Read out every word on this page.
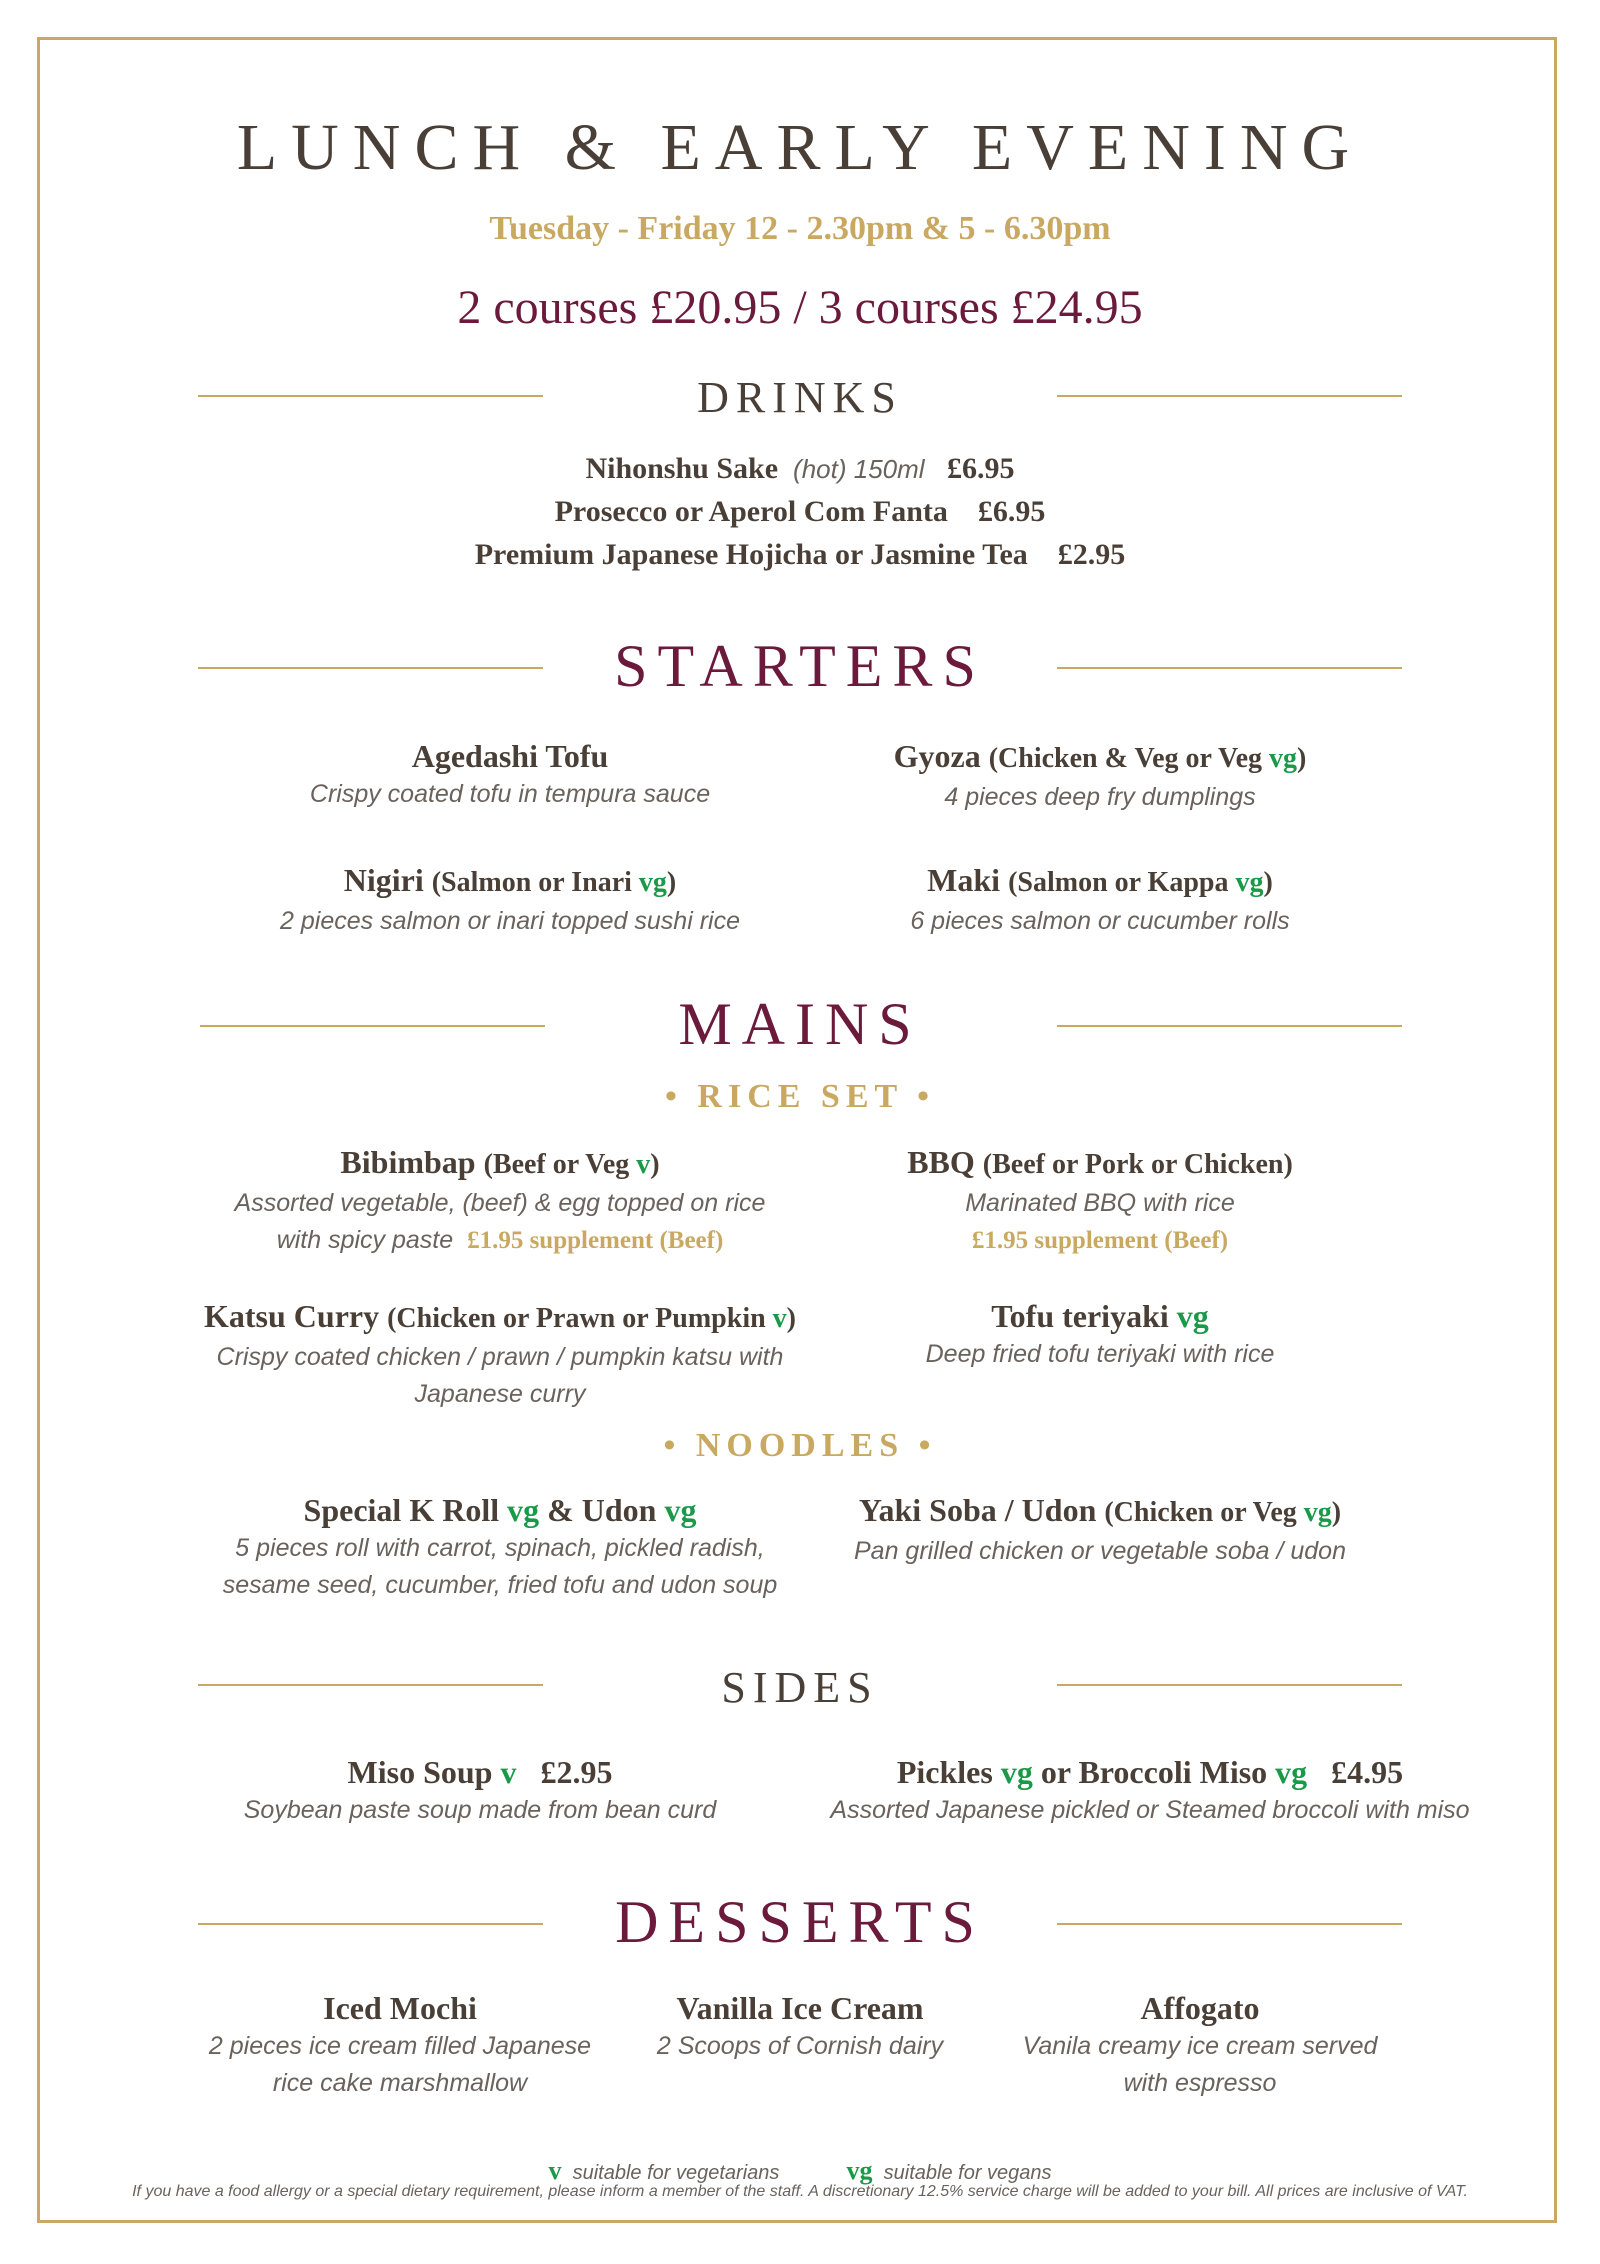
LUNCH & EARLY EVENING
Tuesday - Friday 12 - 2.30pm & 5 - 6.30pm
2 courses £20.95 / 3 courses £24.95
DRINKS
Nihonshu Sake (hot) 150ml £6.95
Prosecco or Aperol Com Fanta £6.95
Premium Japanese Hojicha or Jasmine Tea £2.95
STARTERS
Agedashi Tofu
Crispy coated tofu in tempura sauce
Gyoza (Chicken & Veg or Veg vg)
4 pieces deep fry dumplings
Nigiri (Salmon or Inari vg)
2 pieces salmon or inari topped sushi rice
Maki (Salmon or Kappa vg)
6 pieces salmon or cucumber rolls
MAINS
• RICE SET •
Bibimbap (Beef or Veg v)
Assorted vegetable, (beef) & egg topped on rice
with spicy paste £1.95 supplement (Beef)
BBQ (Beef or Pork or Chicken)
Marinated BBQ with rice
£1.95 supplement (Beef)
Katsu Curry (Chicken or Prawn or Pumpkin v)
Crispy coated chicken / prawn / pumpkin katsu with
Japanese curry
Tofu teriyaki vg
Deep fried tofu teriyaki with rice
• NOODLES •
Special K Roll vg & Udon vg
5 pieces roll with carrot, spinach, pickled radish,
sesame seed, cucumber, fried tofu and udon soup
Yaki Soba / Udon (Chicken or Veg vg)
Pan grilled chicken or vegetable soba / udon
SIDES
Miso Soup v £2.95
Soybean paste soup made from bean curd
Pickles vg or Broccoli Miso vg £4.95
Assorted Japanese pickled or Steamed broccoli with miso
DESSERTS
Iced Mochi
2 pieces ice cream filled Japanese
rice cake marshmallow
Vanilla Ice Cream
2 Scoops of Cornish dairy
Affogato
Vanila creamy ice cream served
with espresso
v suitable for vegetarians	vg suitable for vegans
If you have a food allergy or a special dietary requirement, please inform a member of the staff. A discretionary 12.5% service charge will be added to your bill. All prices are inclusive of VAT.
